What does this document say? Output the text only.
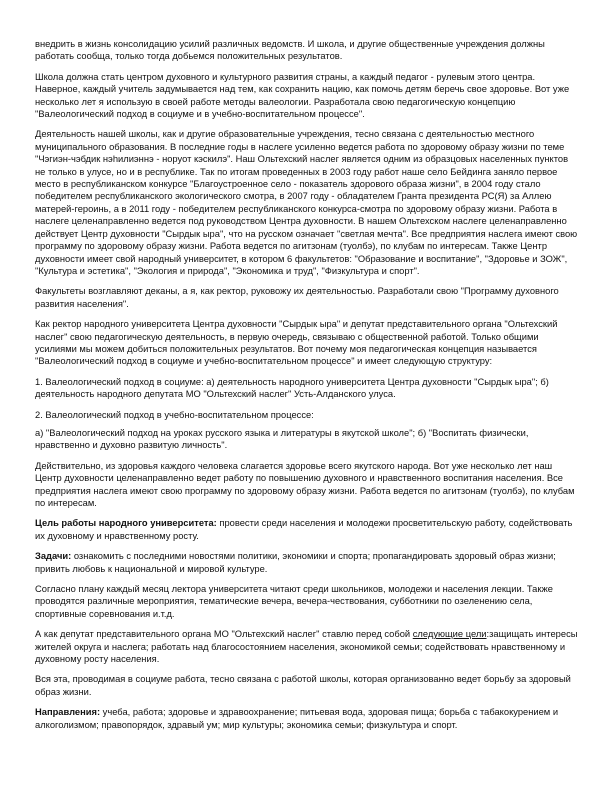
внедрить в жизнь консолидацию усилий различных ведомств. И школа, и другие общественные учреждения должны работать сообща, только тогда добьемся положительных результатов.

Школа должна стать центром духовного и культурного развития страны, а каждый педагог - рулевым этого центра. Наверное, каждый учитель задумывается над тем, как сохранить нацию, как помочь детям беречь свое здоровье. Вот уже несколько лет я использую в своей работе методы валеологии. Разработала свою педагогическую концепцию "Валеологический подход в социуме и в учебно-воспитательном процессе".

Деятельность нашей школы, как и другие образовательные учреждения, тесно связана с деятельностью местного муниципального образования. В последние годы в наслеге усиленно ведется работа по здоровому образу жизни по теме "Чэгиэн-чэбдик нэhилиэннэ - норуот кэскилэ". Наш Ольтехский наслег является одним из образцовых населенных пунктов не только в улусе, но и в республике. Так по итогам проведенных в 2003 году работ наше село Бейдинга заняло первое место в республиканском конкурсе "Благоустроенное село - показатель здорового образа жизни", в 2004 году стало победителем республиканского экологического смотра, в 2007 году - обладателем Гранта президента РС(Я) за Аллею матерей-героинь, а в 2011 году - победителем республиканского конкурса-смотра по здоровому образу жизни. Работа в наслеге целенаправленно ведется под руководством Центра духовности. В нашем Ольтехском наслеге целенаправленно действует Центр духовности "Сырдык ыра", что на русском означает "светлая мечта". Все предприятия наслега имеют свою программу по здоровому образу жизни. Работа ведется по агитзонам (туолбэ), по клубам по интересам. Также Центр духовности имеет свой народный университет, в котором 6 факультетов: "Образование и воспитание", "Здоровье и ЗОЖ", "Культура и эстетика", "Экология и природа", "Экономика и труд", "Физкультура и спорт".

Факультеты возглавляют деканы, а я, как ректор, руковожу их деятельностью. Разработали свою "Программу духовного развития населения".

Как ректор народного университета Центра духовности "Сырдык ыра" и депутат представительного органа "Ольтехский наслег" свою педагогическую деятельность, в первую очередь, связываю с общественной работой. Только общими усилиями мы можем добиться положительных результатов. Вот почему моя педагогическая концепция называется "Валеологический подход в социуме и учебно-воспитательном процессе" и имеет следующую структуру:

1. Валеологический подход в социуме: а) деятельность народного университета Центра духовности "Сырдык ыра"; б) деятельность народного депутата МО "Ольтехский наслег" Усть-Алданского улуса.

2. Валеологический подход в учебно-воспитательном процессе:

а) "Валеологический подход на уроках русского языка и литературы в якутской школе"; б) "Воспитать физически, нравственно и духовно развитую личность".

Действительно, из здоровья каждого человека слагается здоровье всего якутского народа. Вот уже несколько лет наш Центр духовности целенаправленно ведет работу по повышению духовного и нравственного воспитания населения. Все предприятия наслега имеют свою программу по здоровому образу жизни. Работа ведется по агитзонам (туолбэ), по клубам по интересам.

Цель работы народного университета: провести среди населения и молодежи просветительскую работу, содействовать их духовному и нравственному росту.

Задачи: ознакомить с последними новостями политики, экономики и спорта; пропагандировать здоровый образ жизни; привить любовь к национальной и мировой культуре.

Согласно плану каждый месяц лектора университета читают среди школьников, молодежи и населения лекции. Также проводятся различные мероприятия, тематические вечера, вечера-чествования, субботники по озеленению села, спортивные соревнования и.т.д.

А как депутат представительного органа МО "Ольтехский наслег" ставлю перед собой следующие цели:защищать интересы жителей округа и наслега; работать над благосостоянием населения, экономикой семьи; содействовать нравственному и духовному росту населения.

Вся эта, проводимая в социуме работа, тесно связана с работой школы, которая организованно ведет борьбу за здоровый образ жизни.

Направления: учеба, работа; здоровье и здравоохранение; питьевая вода, здоровая пища; борьба с табакокурением и алкоголизмом; правопорядок, здравый ум; мир культуры; экономика семьи; физкультура и спорт.
